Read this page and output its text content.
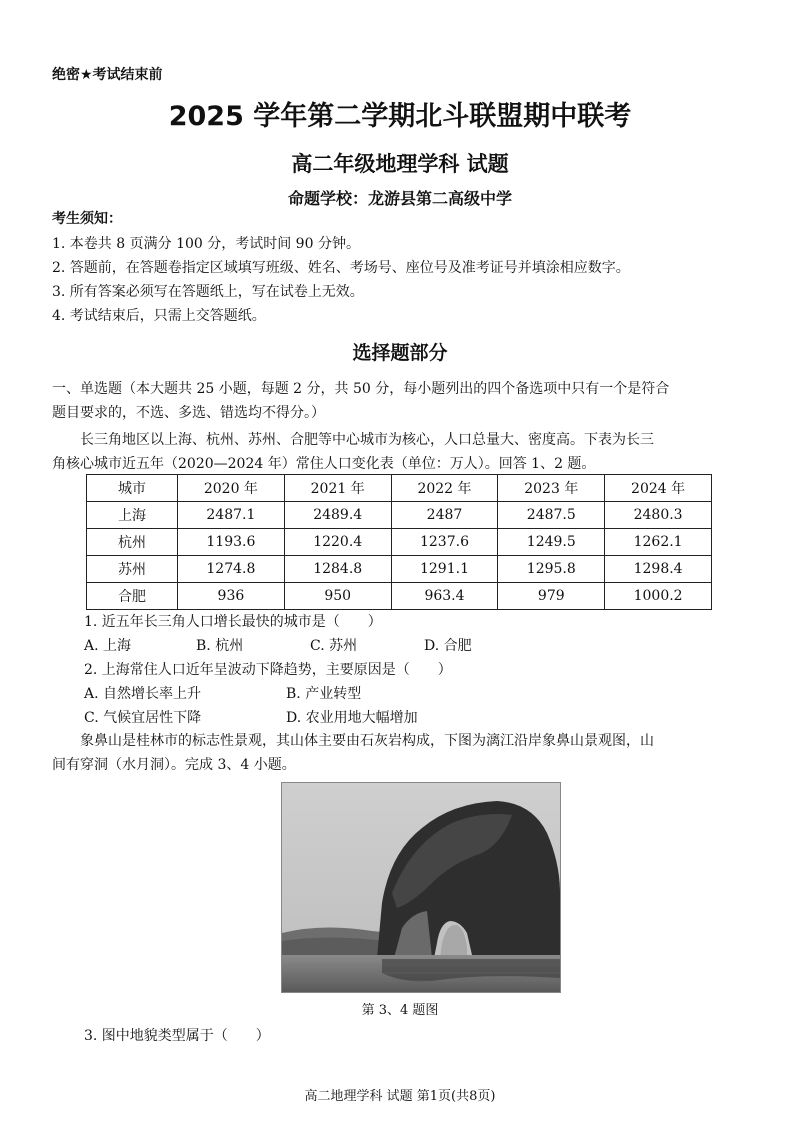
绝密★考试结束前
2025 学年第二学期北斗联盟期中联考
高二年级地理学科 试题
命题学校：龙游县第二高级中学
考生须知：
1. 本卷共 8 页满分 100 分，考试时间 90 分钟。
2. 答题前，在答题卷指定区域填写班级、姓名、考场号、座位号及准考证号并填涂相应数字。
3. 所有答案必须写在答题纸上，写在试卷上无效。
4. 考试结束后，只需上交答题纸。
选择题部分
一、单选题（本大题共 25 小题，每题 2 分，共 50 分，每小题列出的四个备选项中只有一个是符合
题目要求的，不选、多选、错选均不得分。）
长三角地区以上海、杭州、苏州、合肥等中心城市为核心，人口总量大、密度高。下表为长三
角核心城市近五年（2020—2024 年）常住人口变化表（单位：万人）。回答 1、2 题。
城市	2020 年	2021 年	2022 年	2023 年	2024 年
上海	2487.1	2489.4	2487	2487.5	2480.3
杭州	1193.6	1220.4	1237.6	1249.5	1262.1
苏州	1274.8	1284.8	1291.1	1295.8	1298.4
合肥	936	950	963.4	979	1000.2
1. 近五年长三角人口增长最快的城市是（　　）
A. 上海	B. 杭州	C. 苏州	D. 合肥
2. 上海常住人口近年呈波动下降趋势，主要原因是（　　）
A. 自然增长率上升	B. 产业转型
C. 气候宜居性下降	D. 农业用地大幅增加
象鼻山是桂林市的标志性景观，其山体主要由石灰岩构成，下图为漓江沿岸象鼻山景观图，山
间有穿洞（水月洞）。完成 3、4 小题。
第 3、4 题图
3. 图中地貌类型属于（　　）
高二地理学科 试题 第1页(共8页)
